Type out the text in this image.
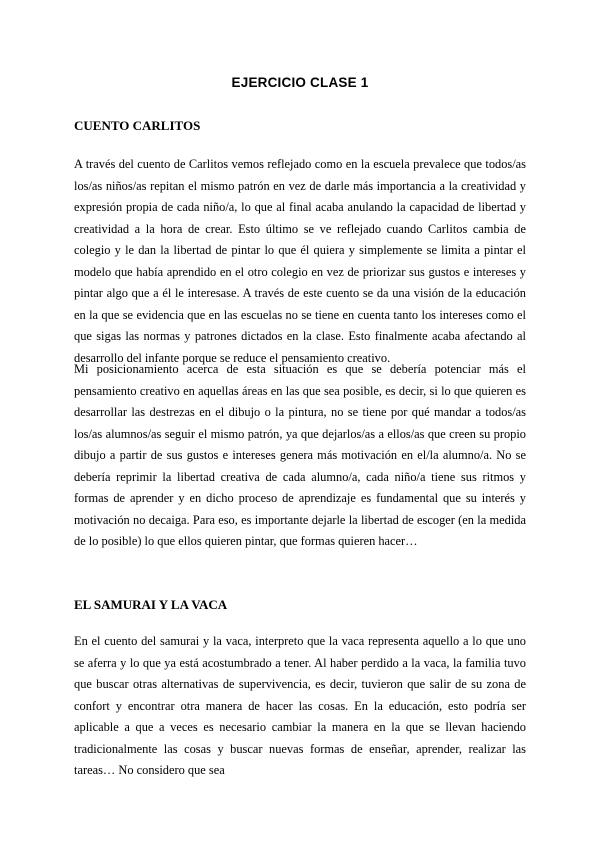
EJERCICIO CLASE 1
CUENTO CARLITOS

A través del cuento de Carlitos vemos reflejado como en la escuela prevalece que todos/as los/as niños/as repitan el mismo patrón en vez de darle más importancia a la creatividad y expresión propia de cada niño/a, lo que al final acaba anulando la capacidad de libertad y creatividad a la hora de crear. Esto último se ve reflejado cuando Carlitos cambia de colegio y le dan la libertad de pintar lo que él quiera y simplemente se limita a pintar el modelo que había aprendido en el otro colegio en vez de priorizar sus gustos e intereses y pintar algo que a él le interesase. A través de este cuento se da una visión de la educación en la que se evidencia que en las escuelas no se tiene en cuenta tanto los intereses como el que sigas las normas y patrones dictados en la clase. Esto finalmente acaba afectando al desarrollo del infante porque se reduce el pensamiento creativo.

Mi posicionamiento acerca de esta situación es que se debería potenciar más el pensamiento creativo en aquellas áreas en las que sea posible, es decir, si lo que quieren es desarrollar las destrezas en el dibujo o la pintura, no se tiene por qué mandar a todos/as los/as alumnos/as seguir el mismo patrón, ya que dejarlos/as a ellos/as que creen su propio dibujo a partir de sus gustos e intereses genera más motivación en el/la alumno/a. No se debería reprimir la libertad creativa de cada alumno/a, cada niño/a tiene sus ritmos y formas de aprender y en dicho proceso de aprendizaje es fundamental que su interés y motivación no decaiga. Para eso, es importante dejarle la libertad de escoger (en la medida de lo posible) lo que ellos quieren pintar, que formas quieren hacer…

EL SAMURAI Y LA VACA

En el cuento del samurai y la vaca, interpreto que la vaca representa aquello a lo que uno se aferra y lo que ya está acostumbrado a tener. Al haber perdido a la vaca, la familia tuvo que buscar otras alternativas de supervivencia, es decir, tuvieron que salir de su zona de confort y encontrar otra manera de hacer las cosas. En la educación, esto podría ser aplicable a que a veces es necesario cambiar la manera en la que se llevan haciendo tradicionalmente las cosas y buscar nuevas formas de enseñar, aprender, realizar las tareas… No considero que sea
